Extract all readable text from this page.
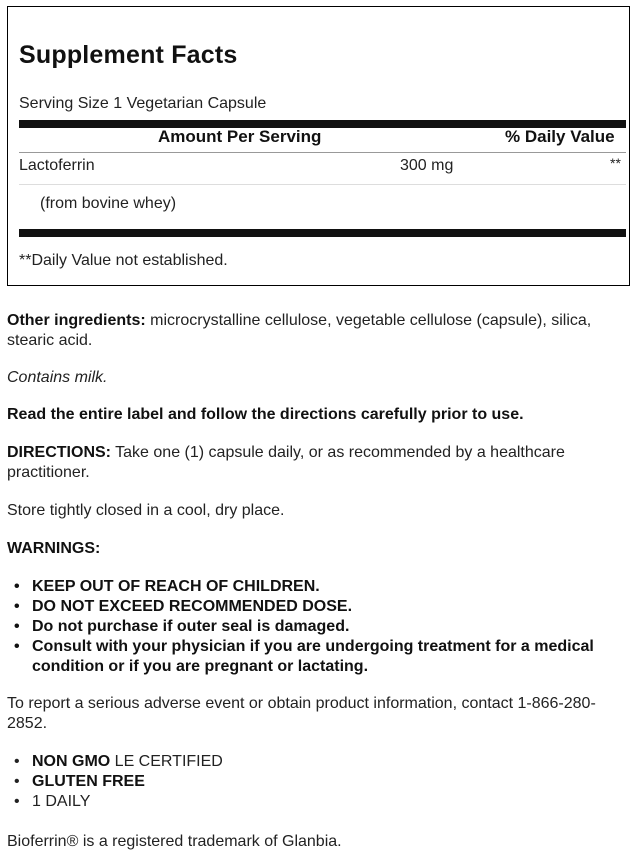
Supplement Facts
Serving Size 1 Vegetarian Capsule
Amount Per Serving	% Daily Value
Lactoferrin	300 mg	**
(from bovine whey)
**Daily Value not established.

Other ingredients: microcrystalline cellulose, vegetable cellulose (capsule), silica, stearic acid.

Contains milk.

Read the entire label and follow the directions carefully prior to use.

DIRECTIONS: Take one (1) capsule daily, or as recommended by a healthcare practitioner.

Store tightly closed in a cool, dry place.

WARNINGS:

• KEEP OUT OF REACH OF CHILDREN.
• DO NOT EXCEED RECOMMENDED DOSE.
• Do not purchase if outer seal is damaged.
• Consult with your physician if you are undergoing treatment for a medical condition or if you are pregnant or lactating.

To report a serious adverse event or obtain product information, contact 1-866-280-2852.

• NON GMO LE CERTIFIED
• GLUTEN FREE
• 1 DAILY

Bioferrin® is a registered trademark of Glanbia.
